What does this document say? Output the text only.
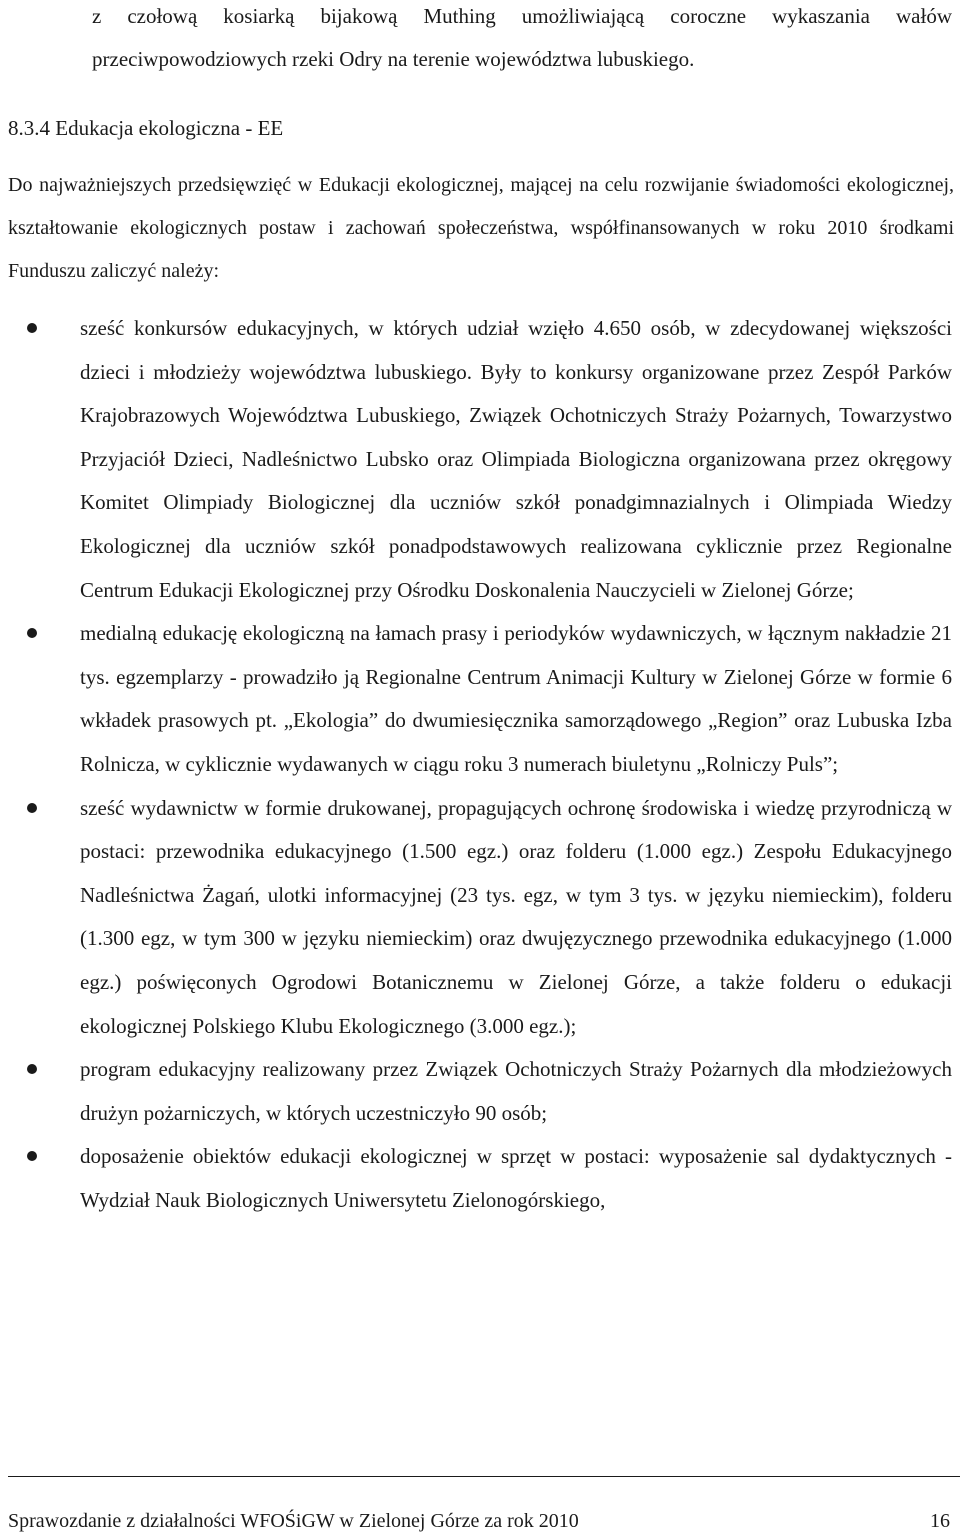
z czołową kosiarką bijakową Muthing umożliwiającą coroczne wykaszania wałów przeciwpowodziowych rzeki Odry na terenie województwa lubuskiego.
8.3.4 Edukacja ekologiczna - EE
Do najważniejszych przedsięwzięć w Edukacji ekologicznej, mającej na celu rozwijanie świadomości ekologicznej, kształtowanie ekologicznych postaw i zachowań społeczeństwa, współfinansowanych w roku 2010 środkami Funduszu zaliczyć należy:
sześć konkursów edukacyjnych, w których udział wzięło 4.650 osób, w zdecydowanej większości dzieci i młodzieży województwa lubuskiego. Były to konkursy organizowane przez Zespół Parków Krajobrazowych Województwa Lubuskiego, Związek Ochotniczych Straży Pożarnych, Towarzystwo Przyjaciół Dzieci, Nadleśnictwo Lubsko oraz Olimpiada Biologiczna organizowana przez okręgowy Komitet Olimpiady Biologicznej dla uczniów szkół ponadgimnazialnych i Olimpiada Wiedzy Ekologicznej dla uczniów szkół ponadpodstawowych realizowana cyklicznie przez Regionalne Centrum Edukacji Ekologicznej przy Ośrodku Doskonalenia Nauczycieli w Zielonej Górze;
medialną edukację ekologiczną na łamach prasy i periodyków wydawniczych, w łącznym nakładzie 21 tys. egzemplarzy - prowadziło ją Regionalne Centrum Animacji Kultury w Zielonej Górze w formie 6 wkładek prasowych pt. „Ekologia” do dwumiesięcznika samorządowego „Region” oraz Lubuska Izba Rolnicza, w cyklicznie wydawanych w ciągu roku 3 numerach biuletynu „Rolniczy Puls”;
sześć wydawnictw w formie drukowanej, propagujących ochronę środowiska i wiedzę przyrodniczą w postaci: przewodnika edukacyjnego (1.500 egz.) oraz folderu (1.000 egz.) Zespołu Edukacyjnego Nadleśnictwa Żagań, ulotki informacyjnej (23 tys. egz, w tym 3 tys. w języku niemieckim), folderu (1.300 egz, w tym 300 w języku niemieckim) oraz dwujęzycznego przewodnika edukacyjnego (1.000 egz.) poświęconych Ogrodowi Botanicznemu w Zielonej Górze, a także folderu o edukacji ekologicznej Polskiego Klubu Ekologicznego (3.000 egz.);
program edukacyjny realizowany przez Związek Ochotniczych Straży Pożarnych dla młodzieżowych drużyn pożarniczych, w których uczestniczyło 90 osób;
doposażenie obiektów edukacji ekologicznej w sprzęt w postaci: wyposażenie sal dydaktycznych - Wydział Nauk Biologicznych Uniwersytetu Zielonogórskiego,
Sprawozdanie z działalności WFOŚiGW w Zielonej Górze za rok 2010	16
